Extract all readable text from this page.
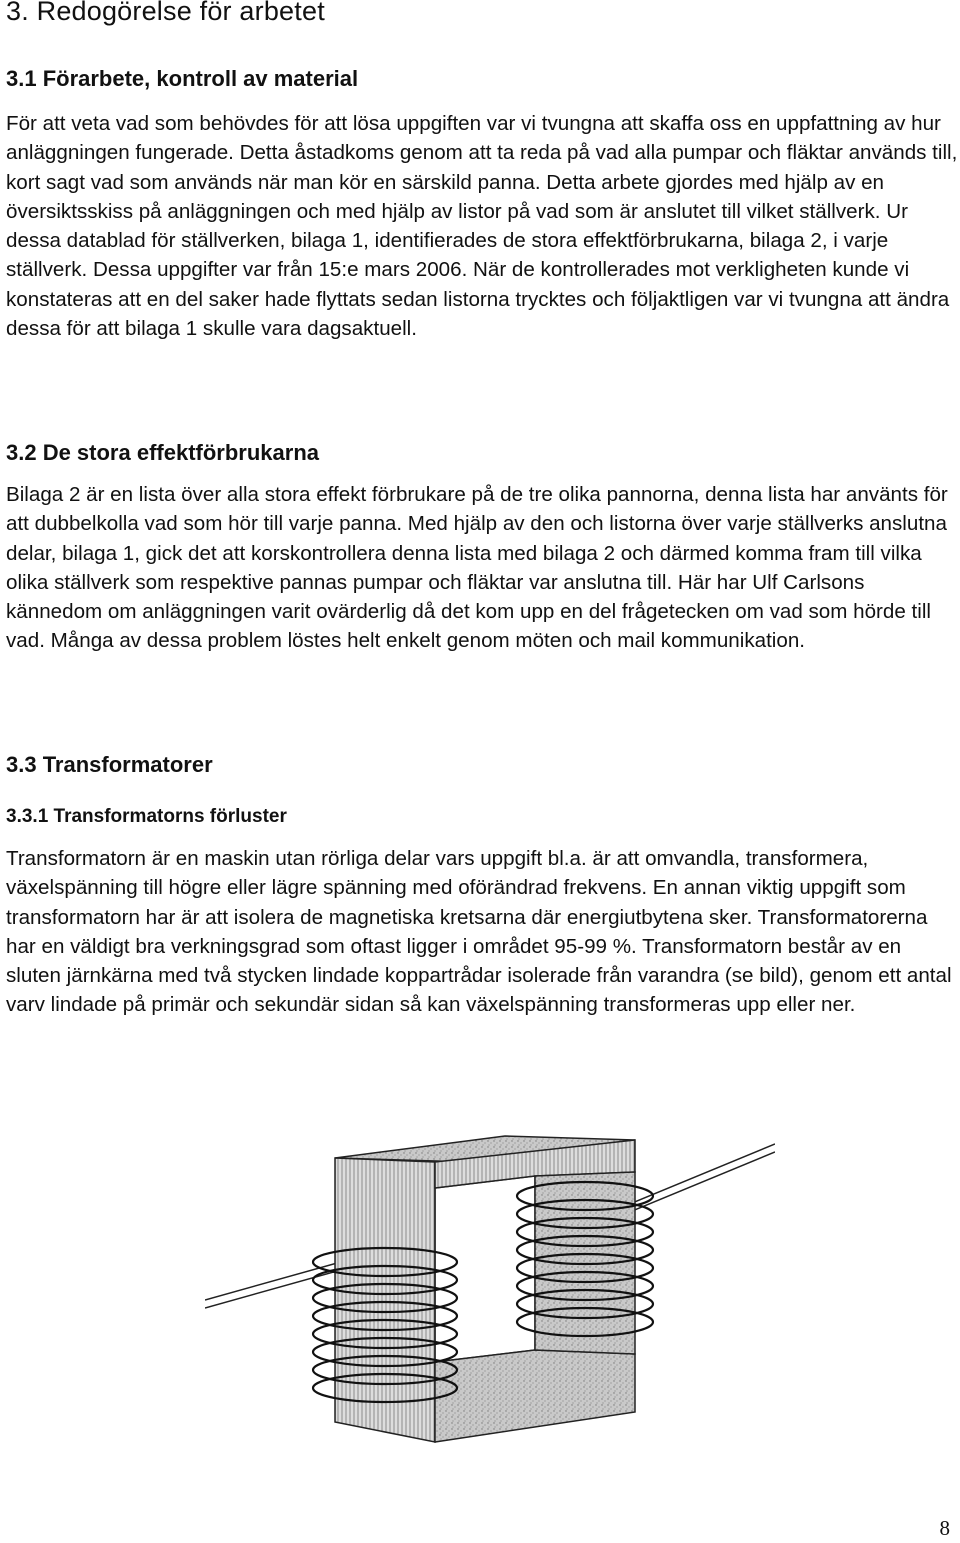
3. Redogörelse för arbetet
3.1 Förarbete, kontroll av material

För att veta vad som behövdes för att lösa uppgiften var vi tvungna att skaffa oss en uppfattning av hur anläggningen fungerade. Detta åstadkoms genom att ta reda på vad alla pumpar och fläktar används till, kort sagt vad som används när man kör en särskild panna. Detta arbete gjordes med hjälp av en översiktsskiss på anläggningen och med hjälp av listor på vad som är anslutet till vilket ställverk. Ur dessa datablad för ställverken, bilaga 1, identifierades de stora effektförbrukarna, bilaga 2, i varje ställverk. Dessa uppgifter var från 15:e mars 2006. När de kontrollerades mot verkligheten kunde vi konstateras att en del saker hade flyttats sedan listorna trycktes och följaktligen var vi tvungna att ändra dessa för att bilaga 1 skulle vara dagsaktuell.

3.2 De stora effektförbrukarna

Bilaga 2 är en lista över alla stora effekt förbrukare på de tre olika pannorna, denna lista har använts för att dubbelkolla vad som hör till varje panna. Med hjälp av den och listorna över varje ställverks anslutna delar, bilaga 1, gick det att korskontrollera denna lista med bilaga 2 och därmed komma fram till vilka olika ställverk som respektive pannas pumpar och fläktar var anslutna till. Här har Ulf Carlsons kännedom om anläggningen varit ovärderlig då det kom upp en del frågetecken om vad som hörde till vad. Många av dessa problem löstes helt enkelt genom möten och mail kommunikation.

3.3 Transformatorer
3.3.1 Transformatorns förluster

Transformatorn är en maskin utan rörliga delar vars uppgift bl.a. är att omvandla, transformera, växelspänning till högre eller lägre spänning med oförändrad frekvens. En annan viktig uppgift som transformatorn har är att isolera de magnetiska kretsarna där energiutbytena sker. Transformatorerna har en väldigt bra verkningsgrad som oftast ligger i området 95-99 %. Transformatorn består av en sluten järnkärna med två stycken lindade koppartrådar isolerade från varandra (se bild), genom ett antal varv lindade på primär och sekundär sidan så kan växelspänning transformeras upp eller ner.

8
